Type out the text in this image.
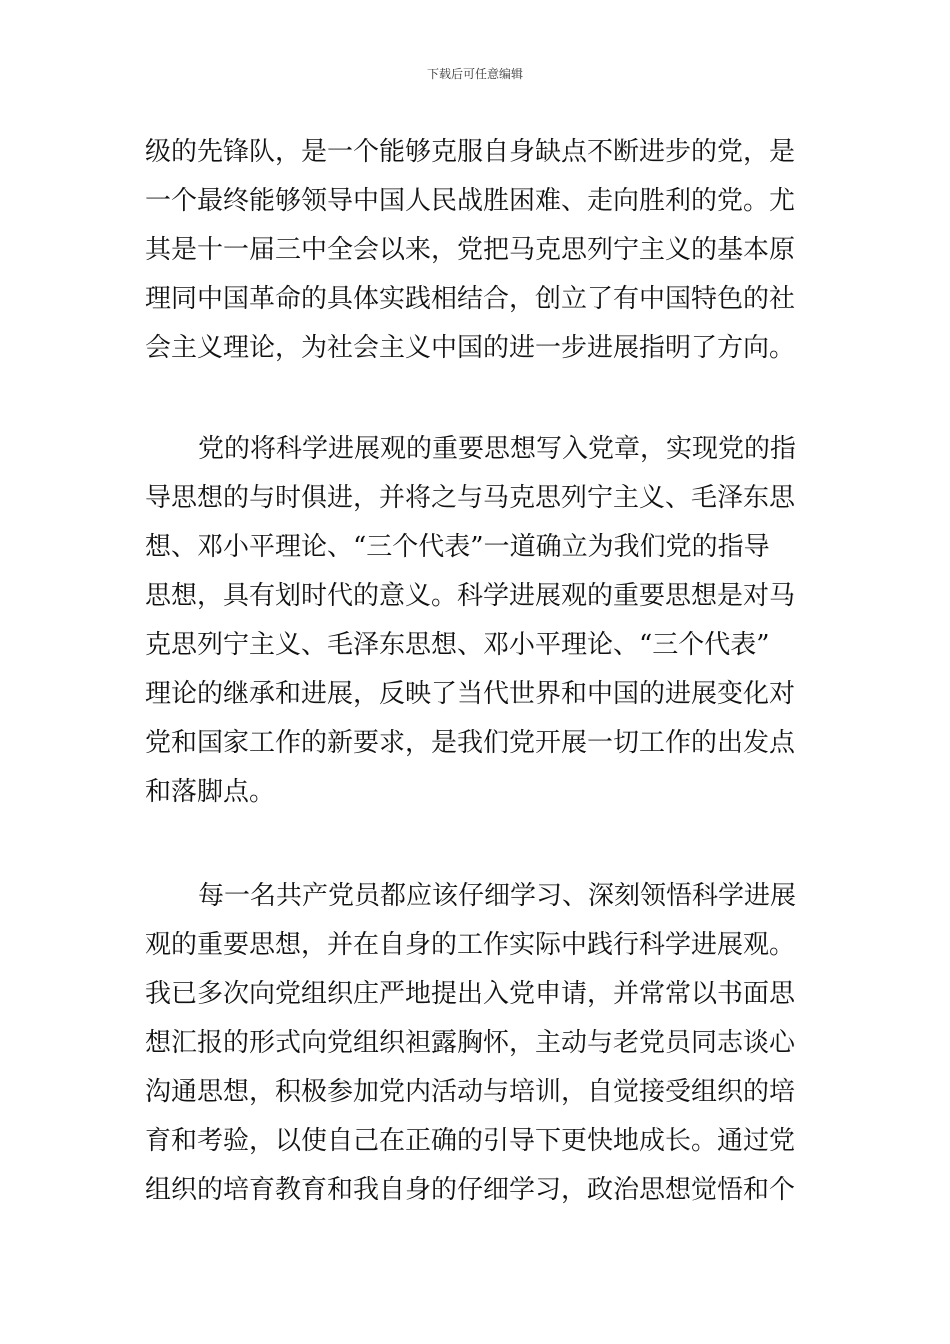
下载后可任意编辑
级的先锋队，是一个能够克服自身缺点不断进步的党，是
一个最终能够领导中国人民战胜困难、走向胜利的党。尤
其是十一届三中全会以来，党把马克思列宁主义的基本原
理同中国革命的具体实践相结合，创立了有中国特色的社
会主义理论，为社会主义中国的进一步进展指明了方向。
党的将科学进展观的重要思想写入党章，实现党的指
导思想的与时俱进，并将之与马克思列宁主义、毛泽东思
想、邓小平理论、“三个代表”一道确立为我们党的指导
思想，具有划时代的意义。科学进展观的重要思想是对马
克思列宁主义、毛泽东思想、邓小平理论、“三个代表”
理论的继承和进展，反映了当代世界和中国的进展变化对
党和国家工作的新要求，是我们党开展一切工作的出发点
和落脚点。
每一名共产党员都应该仔细学习、深刻领悟科学进展
观的重要思想，并在自身的工作实际中践行科学进展观。
我已多次向党组织庄严地提出入党申请，并常常以书面思
想汇报的形式向党组织袒露胸怀，主动与老党员同志谈心
沟通思想，积极参加党内活动与培训，自觉接受组织的培
育和考验，以使自己在正确的引导下更快地成长。通过党
组织的培育教育和我自身的仔细学习，政治思想觉悟和个
